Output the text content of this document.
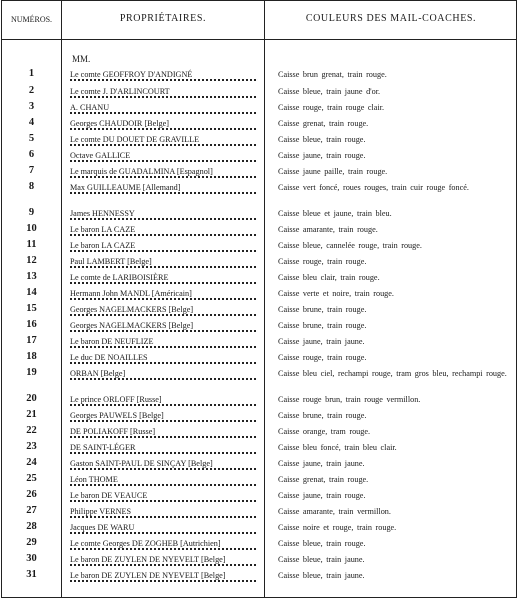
NUMÉROS.	PROPRIÉTAIRES.	COULEURS DES MAIL-COACHES.
MM.
1	Le comte GEOFFROY D'ANDIGNÉ	Caisse brun grenat, train rouge.
2	Le comte J. D'ARLINCOURT	Caisse bleue, train jaune d'or.
3	A. CHANU	Caisse rouge, train rouge clair.
4	Georges CHAUDOIR [Belge]	Caisse grenat, train rouge.
5	Le comte DU DOUET DE GRAVILLE	Caisse bleue, train rouge.
6	Octave GALLICE	Caisse jaune, train rouge.
7	Le marquis de GUADALMINA [Espagnol]	Caisse jaune paille, train rouge.
8	Max GUILLEAUME [Allemand]	Caisse vert foncé, roues rouges, train cuir rouge foncé.
9	James HENNESSY	Caisse bleue et jaune, train bleu.
10	Le baron LA CAZE	Caisse amarante, train rouge.
11	Le baron LA CAZE	Caisse bleue, cannelée rouge, train rouge.
12	Paul LAMBERT [Belge]	Caisse rouge, train rouge.
13	Le comte de LARIBOISIÈRE	Caisse bleu clair, train rouge.
14	Hermann John MANDL [Américain]	Caisse verte et noire, train rouge.
15	Georges NAGELMACKERS [Belge]	Caisse brune, train rouge.
16	Georges NAGELMACKERS [Belge]	Caisse brune, train rouge.
17	Le baron DE NEUFLIZE	Caisse jaune, train jaune.
18	Le duc DE NOAILLES	Caisse rouge, train rouge.
19	ORBAN [Belge]	Caisse bleu ciel, rechampi rouge, tram gros bleu, rechampi rouge.
20	Le prince ORLOFF [Russe]	Caisse rouge brun, train rouge vermillon.
21	Georges PAUWELS [Belge]	Caisse brune, train rouge.
22	DE POLIAKOFF [Russe]	Caisse orange, tram rouge.
23	DE SAINT-LÉGER	Caisse bleu foncé, train bleu clair.
24	Gaston SAINT-PAUL DE SINÇAY [Belge]	Caisse jaune, train jaune.
25	Léon THOME	Caisse grenat, train rouge.
26	Le baron DE VEAUCE	Caisse jaune, train rouge.
27	Philippe VERNES	Caisse amarante, train vermillon.
28	Jacques DE WARU	Caisse noire et rouge, train rouge.
29	Le comte Georges DE ZOGHEB [Autrichien]	Caisse bleue, train rouge.
30	Le baron DE ZUYLEN DE NYEVELT [Belge]	Caisse bleue, train jaune.
31	Le baron DE ZUYLEN DE NYEVELT [Belge]	Caisse bleue, train jaune.
